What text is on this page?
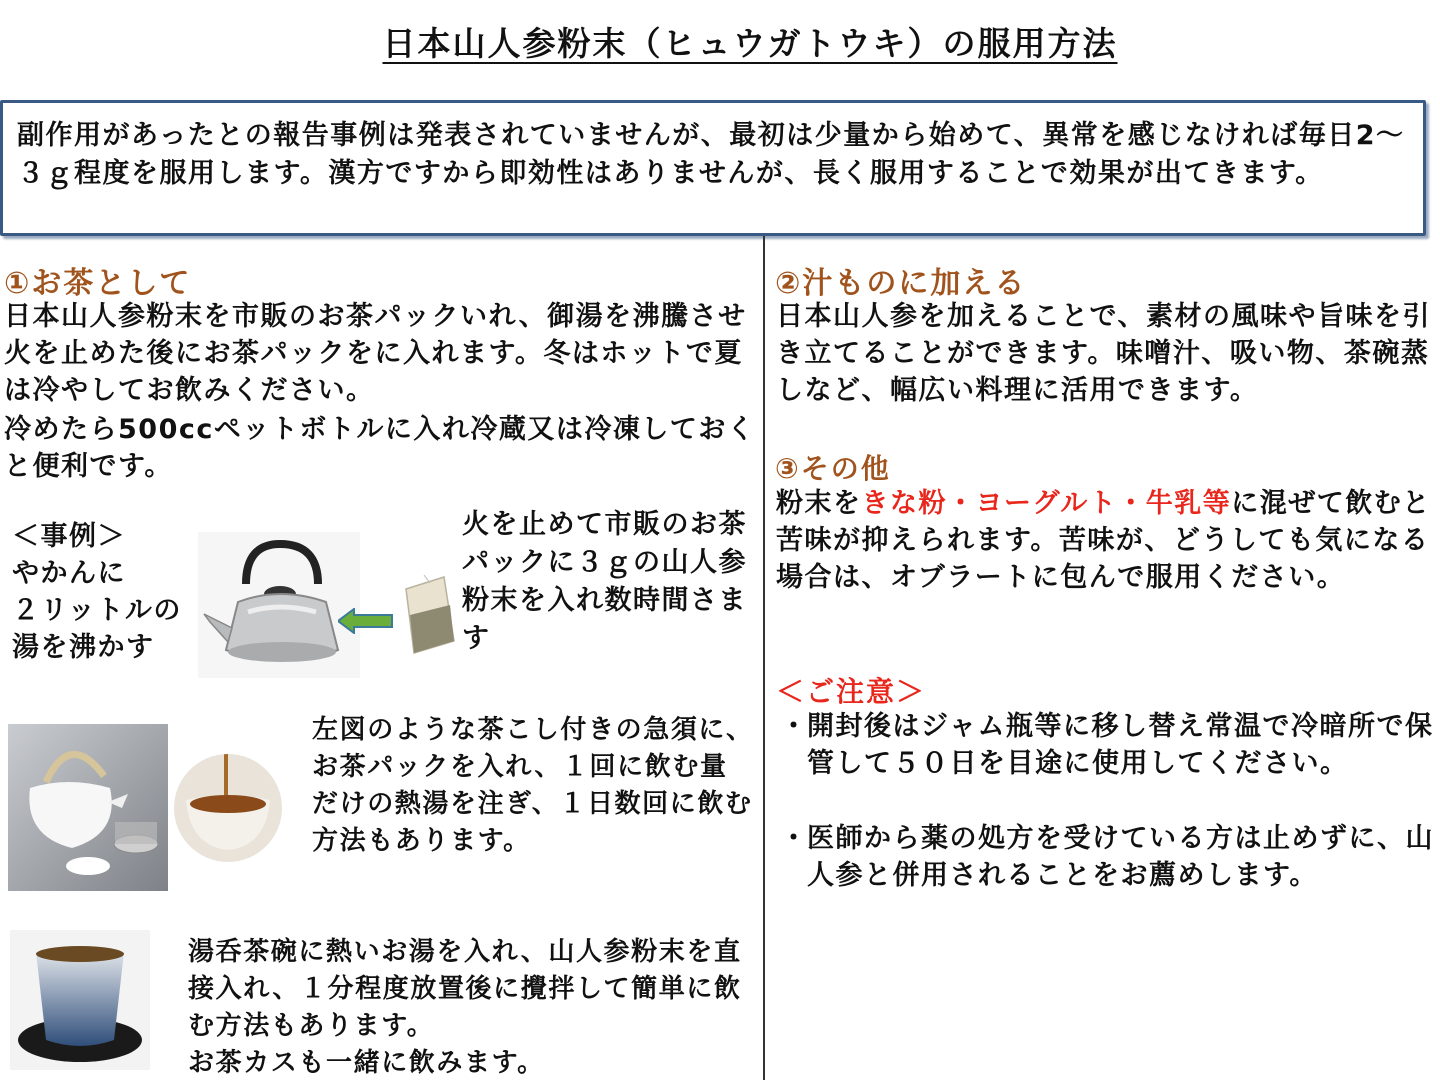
日本山人参粉末（ヒュウガトウキ）の服用方法
副作用があったとの報告事例は発表されていませんが、最初は少量から始めて、異常を感じなければ毎日2～３ｇ程度を服用します。漢方ですから即効性はありませんが、長く服用することで効果が出てきます。
①お茶として
日本山人参粉末を市販のお茶パックいれ、御湯を沸騰させ火を止めた後にお茶パックをに入れます。冬はホットで夏は冷やしてお飲みください。
冷めたら500ccペットボトルに入れ冷蔵又は冷凍しておくと便利です。
＜事例＞
やかんに
２リットルの
湯を沸かす
火を止めて市販のお茶パックに３ｇの山人参粉末を入れ数時間さます
左図のような茶こし付きの急須に、お茶パックを入れ、１回に飲む量だけの熱湯を注ぎ、１日数回に飲む方法もあります。
湯呑茶碗に熱いお湯を入れ、山人参粉末を直接入れ、１分程度放置後に攪拌して簡単に飲む方法もあります。
お茶カスも一緒に飲みます。
②汁ものに加える
日本山人参を加えることで、素材の風味や旨味を引き立てることができます。味噌汁、吸い物、茶碗蒸しなど、幅広い料理に活用できます。
③その他
粉末をきな粉・ヨーグルト・牛乳等に混ぜて飲むと苦味が抑えられます。苦味が、どうしても気になる場合は、オブラートに包んで服用ください。
＜ご注意＞
・
開封後はジャム瓶等に移し替え常温で冷暗所で保管して５０日を目途に使用してください。
・
医師から薬の処方を受けている方は止めずに、山人参と併用されることをお薦めします。
